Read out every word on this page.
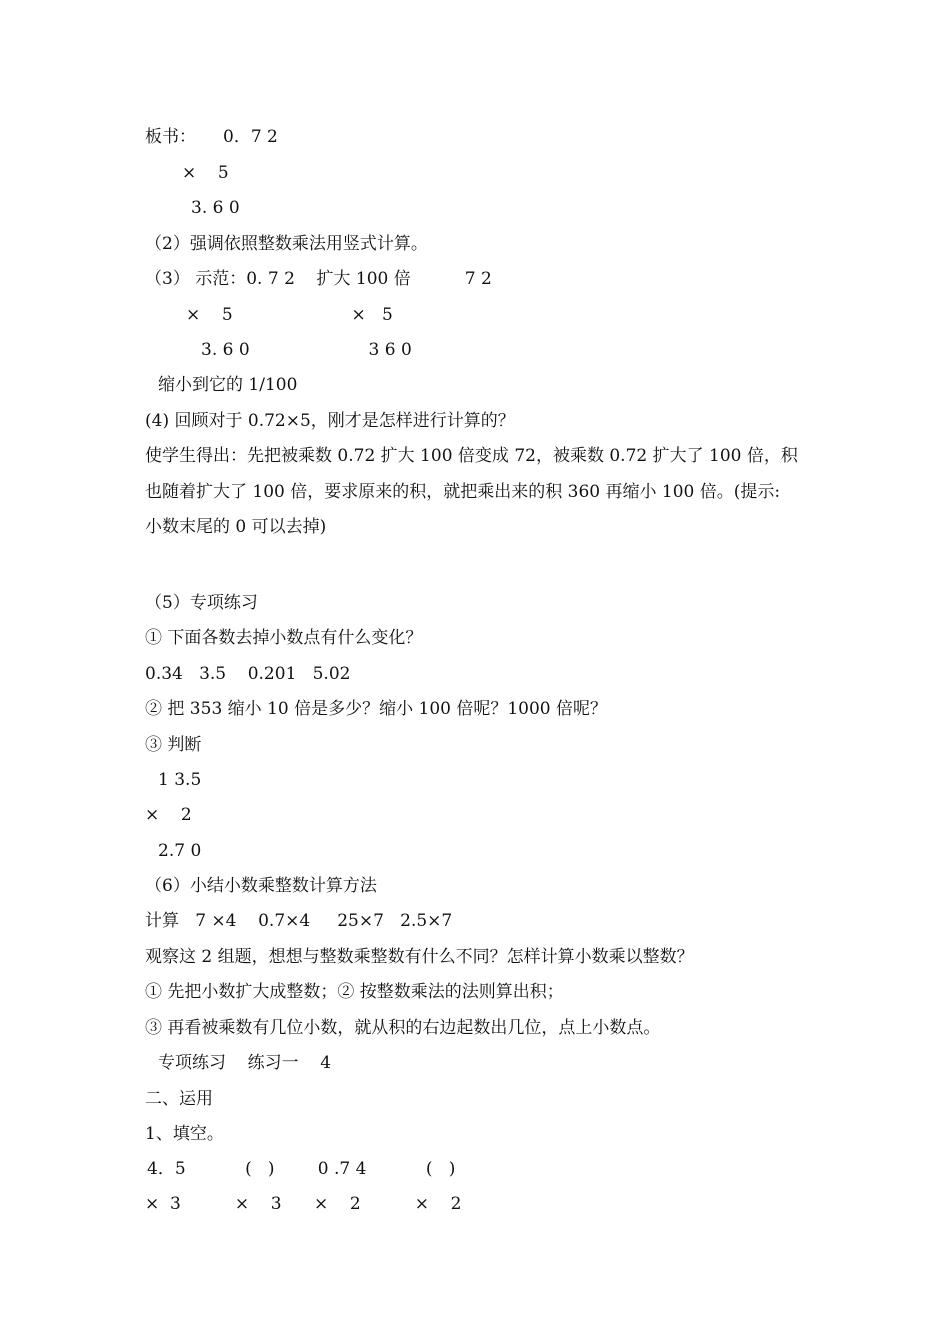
板书：     0．7 2
×    5
3. 6 0
（2）强调依照整数乘法用竖式计算。
（3） 示范：0. 7 2    扩大 100 倍          7 2
×    5                      ×   5
3. 6 0                      3 6 0
缩小到它的 1/100
(4) 回顾对于 0.72×5，刚才是怎样进行计算的？
使学生得出：先把被乘数 0.72 扩大 100 倍变成 72，被乘数 0.72 扩大了 100 倍，积
也随着扩大了 100 倍，要求原来的积，就把乘出来的积 360 再缩小 100 倍。(提示:
小数末尾的 0 可以去掉)
（5）专项练习
① 下面各数去掉小数点有什么变化？
0.34   3.5    0.201   5.02
② 把 353 缩小 10 倍是多少？缩小 100 倍呢？1000 倍呢？
③ 判断
1 3.5
×    2
2.7 0
（6）小结小数乘整数计算方法
计算   7 ×4    0.7×4     25×7   2.5×7
观察这 2 组题，想想与整数乘整数有什么不同？怎样计算小数乘以整数？
① 先把小数扩大成整数；② 按整数乘法的法则算出积；
③ 再看被乘数有几位小数，就从积的右边起数出几位，点上小数点。
专项练习    练习一    4
二、运用
1、填空。
4．5           (   )        0 .7 4           (   )
×  3          ×    3      ×    2          ×    2
